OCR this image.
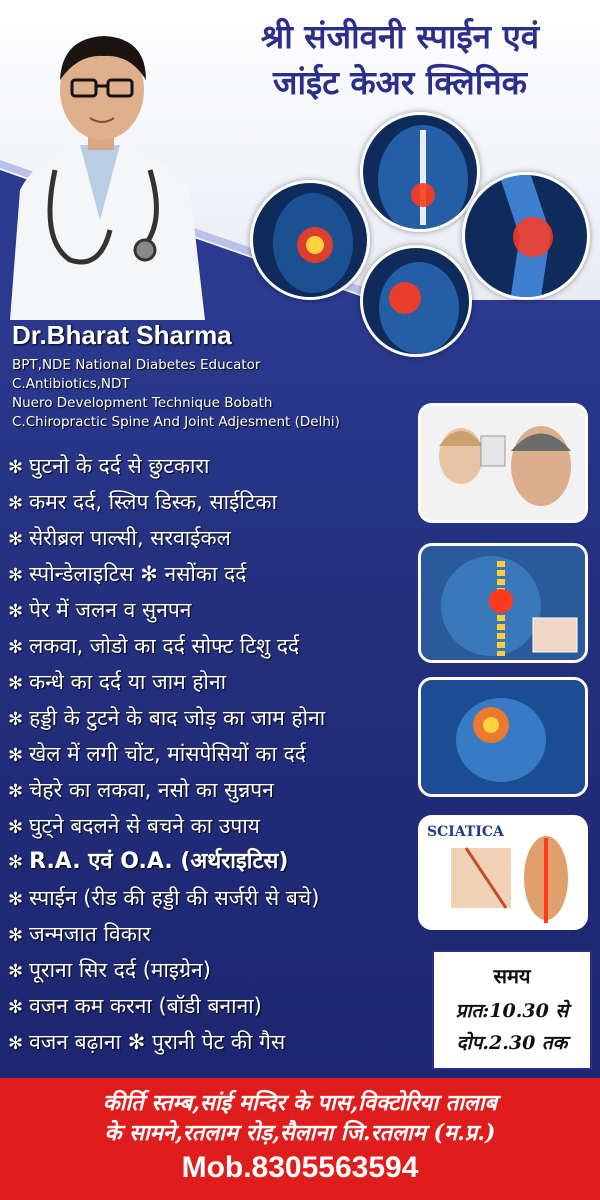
श्री संजीवनी स्पाईन एवं
जांईट केअर क्लिनिक
Dr.Bharat Sharma
BPT,NDE National Diabetes Educator
C.Antibiotics,NDT
Nuero Development Technique Bobath
C.Chiropractic Spine And Joint Adjesment (Delhi)
✻ घुटनो के दर्द से छुटकारा
✻ कमर दर्द, स्लिप डिस्क, साईटिका
✻ सेरीब्रल पाल्सी, सरवाईकल
✻ स्पोन्डेलाइटिस ✻ नसोंका दर्द
✻ पेर में जलन व सुनपन
✻ लकवा, जोडो का दर्द सोफ्ट टिशु दर्द
✻ कन्धे का दर्द या जाम होना
✻ हड्डी के टुटने के बाद जोड़ का जाम होना
✻ खेल में लगी चोंट, मांसपेसियों का दर्द
✻ चेहरे का लकवा, नसो का सुन्नपन
✻ घुट्ने बदलने से बचने का उपाय
✻ R.A. एवं O.A. (अर्थराइटिस)
✻ स्पाईन (रीड की हड्डी की सर्जरी से बचे)
✻ जन्मजात विकार
✻ पूराना सिर दर्द (माइग्रेन)
✻ वजन कम करना (बॉडी बनाना)
✻ वजन बढ़ाना ✻ पुरानी पेट की गैस
SCIATICA
समय
प्रात:10.30 से
दोप.2.30 तक
कीर्ति स्तम्ब,सांई मन्दिर के पास,विक्टोरिया तालाब
के सामने,रतलाम रोड़,सैलाना जि.रतलाम (म.प्र.)
Mob.8305563594
